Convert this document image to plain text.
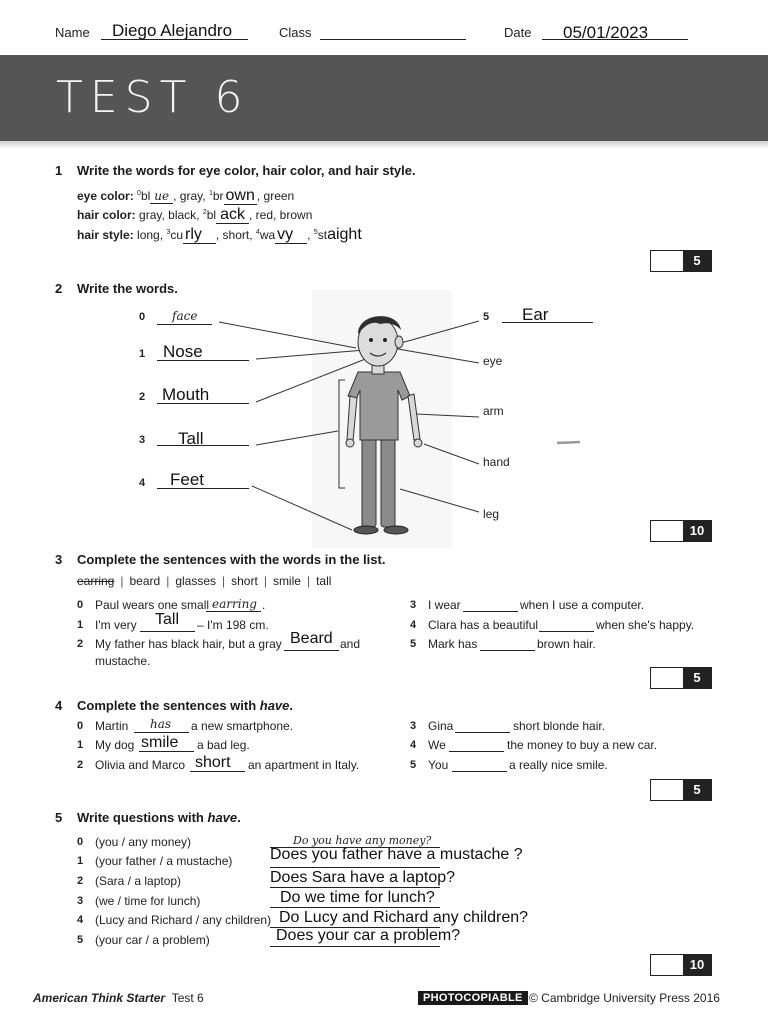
Name Diego Alejandro	Class	Date 05/01/2023
TEST 6
1 Write the words for eye color, hair color, and hair style.
eye color: $^0$bl ue , gray, $^1$br own , green
hair color: gray, black, $^2$bl ack , red, brown
hair style: long, $^3$cu rly , short, $^4$wa vy , $^5$staight
5
2 Write the words.
0 face
1 Nose
2 Mouth
3 Tall
4 Feet
5 Ear
eye
arm
hand
leg
10
3 Complete the sentences with the words in the list.
earring | beard | glasses | short | smile | tall
0 Paul wears one small earring .
1 I'm very Tall – I'm 198 cm.
2 My father has black hair, but a gray Beard and
mustache.
3 I wear	when I use a computer.
4 Clara has a beautiful	when she's happy.
5 Mark has	brown hair.
5
4 Complete the sentences with have.
0 Martin has a new smartphone.
1 My dog smile a bad leg.
2 Olivia and Marco short an apartment in Italy.
3 Gina	short blonde hair.
4 We	the money to buy a new car.
5 You	a really nice smile.
5
5 Write questions with have.
0 (you / any money)	Do you have any money?
1 (your father / a mustache) Does you father have a mustache ?
2 (Sara / a laptop)	Does Sara have a laptop?
3 (we / time for lunch)	Do we time for lunch?
4 (Lucy and Richard / any children) Do Lucy and Richard any children?
5 (your car / a problem)	Does your car a problem?
10
American Think Starter Test 6	PHOTOCOPIABLE © Cambridge University Press 2016
